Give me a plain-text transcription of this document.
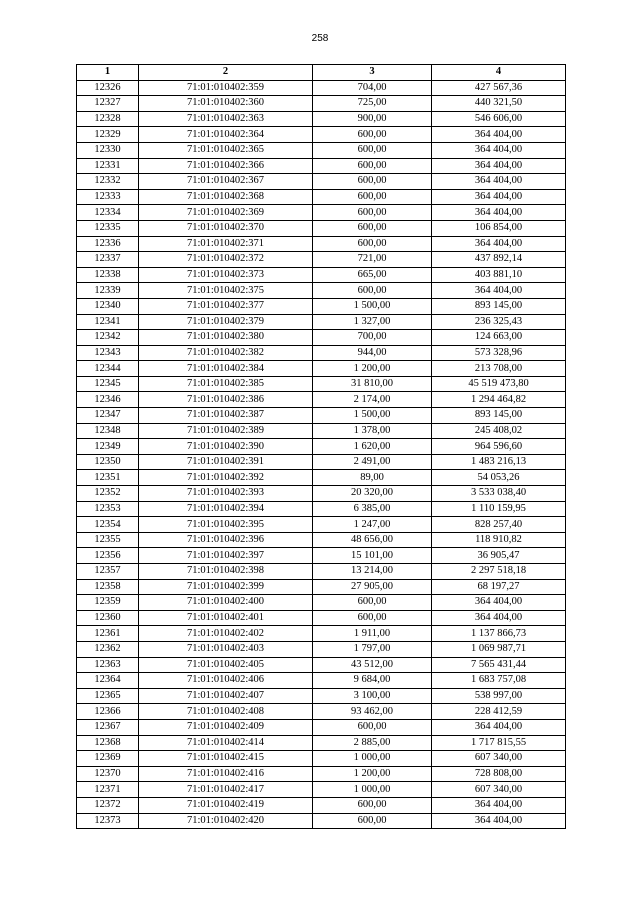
258
1	2	3	4
12326	71:01:010402:359	704,00	427 567,36
12327	71:01:010402:360	725,00	440 321,50
12328	71:01:010402:363	900,00	546 606,00
12329	71:01:010402:364	600,00	364 404,00
12330	71:01:010402:365	600,00	364 404,00
12331	71:01:010402:366	600,00	364 404,00
12332	71:01:010402:367	600,00	364 404,00
12333	71:01:010402:368	600,00	364 404,00
12334	71:01:010402:369	600,00	364 404,00
12335	71:01:010402:370	600,00	106 854,00
12336	71:01:010402:371	600,00	364 404,00
12337	71:01:010402:372	721,00	437 892,14
12338	71:01:010402:373	665,00	403 881,10
12339	71:01:010402:375	600,00	364 404,00
12340	71:01:010402:377	1 500,00	893 145,00
12341	71:01:010402:379	1 327,00	236 325,43
12342	71:01:010402:380	700,00	124 663,00
12343	71:01:010402:382	944,00	573 328,96
12344	71:01:010402:384	1 200,00	213 708,00
12345	71:01:010402:385	31 810,00	45 519 473,80
12346	71:01:010402:386	2 174,00	1 294 464,82
12347	71:01:010402:387	1 500,00	893 145,00
12348	71:01:010402:389	1 378,00	245 408,02
12349	71:01:010402:390	1 620,00	964 596,60
12350	71:01:010402:391	2 491,00	1 483 216,13
12351	71:01:010402:392	89,00	54 053,26
12352	71:01:010402:393	20 320,00	3 533 038,40
12353	71:01:010402:394	6 385,00	1 110 159,95
12354	71:01:010402:395	1 247,00	828 257,40
12355	71:01:010402:396	48 656,00	118 910,82
12356	71:01:010402:397	15 101,00	36 905,47
12357	71:01:010402:398	13 214,00	2 297 518,18
12358	71:01:010402:399	27 905,00	68 197,27
12359	71:01:010402:400	600,00	364 404,00
12360	71:01:010402:401	600,00	364 404,00
12361	71:01:010402:402	1 911,00	1 137 866,73
12362	71:01:010402:403	1 797,00	1 069 987,71
12363	71:01:010402:405	43 512,00	7 565 431,44
12364	71:01:010402:406	9 684,00	1 683 757,08
12365	71:01:010402:407	3 100,00	538 997,00
12366	71:01:010402:408	93 462,00	228 412,59
12367	71:01:010402:409	600,00	364 404,00
12368	71:01:010402:414	2 885,00	1 717 815,55
12369	71:01:010402:415	1 000,00	607 340,00
12370	71:01:010402:416	1 200,00	728 808,00
12371	71:01:010402:417	1 000,00	607 340,00
12372	71:01:010402:419	600,00	364 404,00
12373	71:01:010402:420	600,00	364 404,00
